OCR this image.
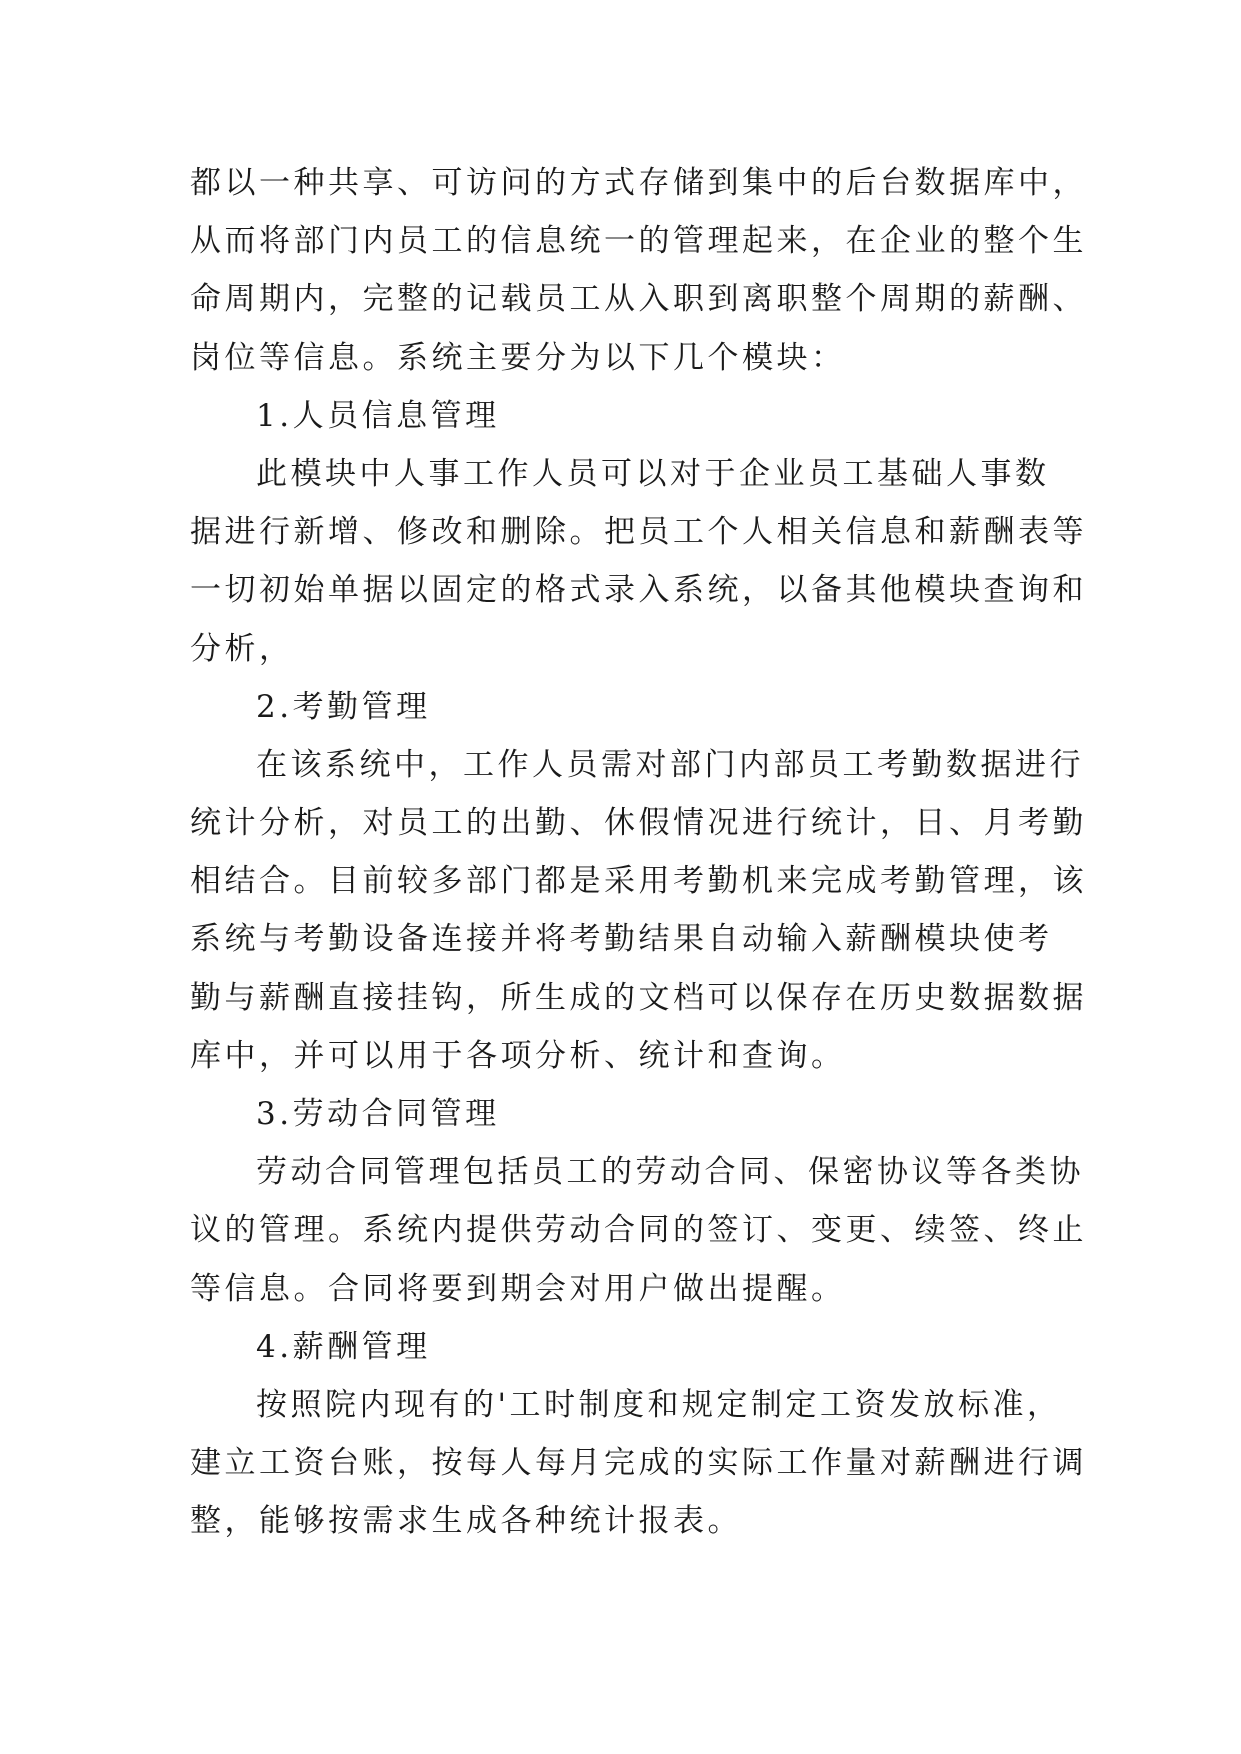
都以一种共享、可访问的方式存储到集中的后台数据库中，

从而将部门内员工的信息统一的管理起来，在企业的整个生

命周期内，完整的记载员工从入职到离职整个周期的薪酬、

岗位等信息。系统主要分为以下几个模块：

1.人员信息管理

此模块中人事工作人员可以对于企业员工基础人事数

据进行新增、修改和删除。把员工个人相关信息和薪酬表等

一切初始单据以固定的格式录入系统，以备其他模块查询和

分析，

2.考勤管理

在该系统中，工作人员需对部门内部员工考勤数据进行

统计分析，对员工的出勤、休假情况进行统计，日、月考勤

相结合。目前较多部门都是采用考勤机来完成考勤管理，该

系统与考勤设备连接并将考勤结果自动输入薪酬模块使考

勤与薪酬直接挂钩，所生成的文档可以保存在历史数据数据

库中，并可以用于各项分析、统计和查询。

3.劳动合同管理

劳动合同管理包括员工的劳动合同、保密协议等各类协

议的管理。系统内提供劳动合同的签订、变更、续签、终止

等信息。合同将要到期会对用户做出提醒。

4.薪酬管理

按照院内现有的'工时制度和规定制定工资发放标准，

建立工资台账，按每人每月完成的实际工作量对薪酬进行调

整，能够按需求生成各种统计报表。
